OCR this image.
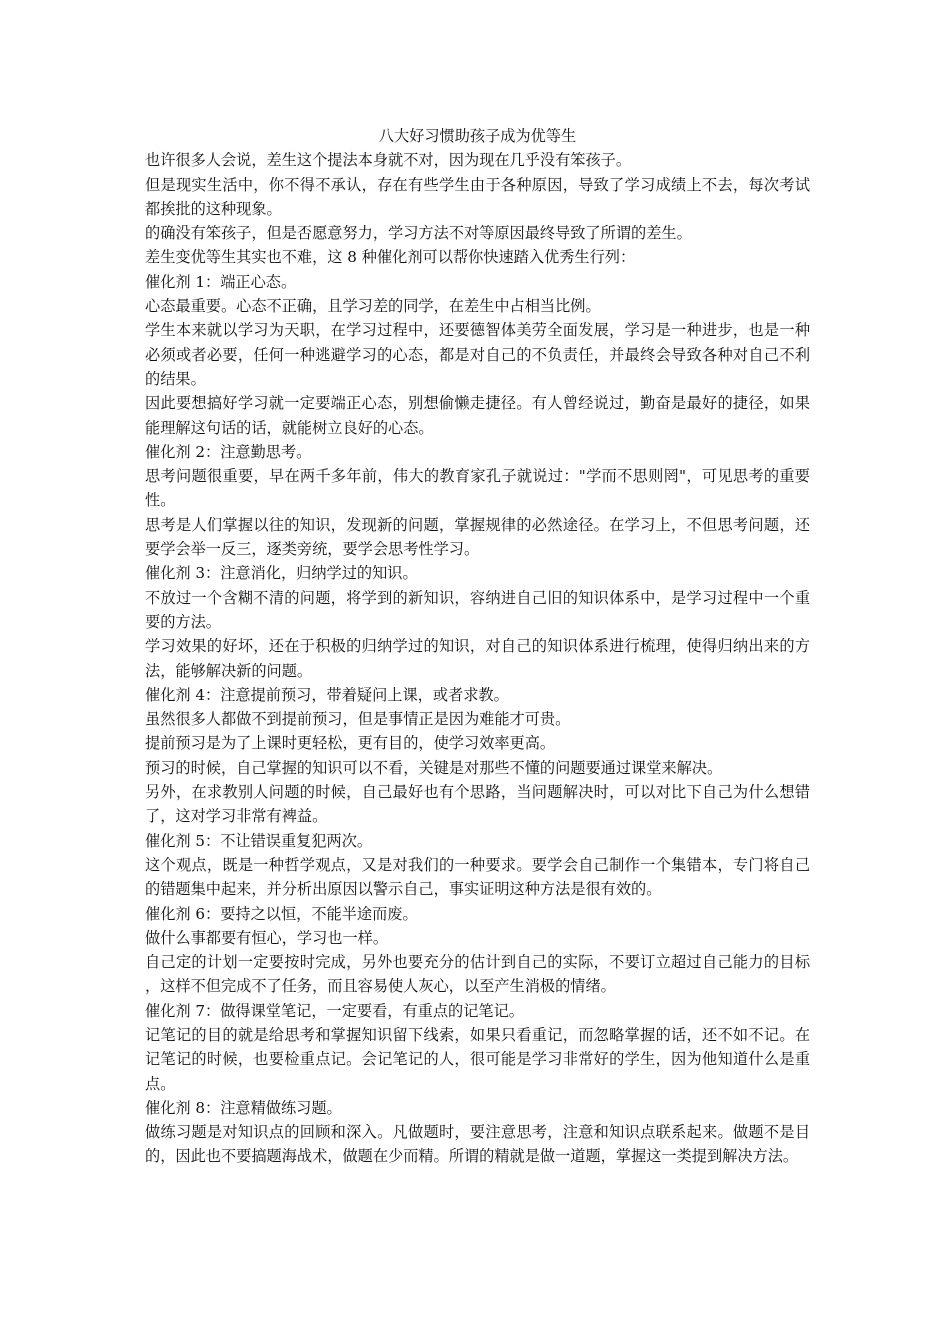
八大好习惯助孩子成为优等生

也许很多人会说，差生这个提法本身就不对，因为现在几乎没有笨孩子。

但是现实生活中，你不得不承认，存在有些学生由于各种原因，导致了学习成绩上不去，每次考试都挨批的这种现象。

的确没有笨孩子，但是否愿意努力，学习方法不对等原因最终导致了所谓的差生。

差生变优等生其实也不难，这 8 种催化剂可以帮你快速踏入优秀生行列：

催化剂 1：端正心态。

心态最重要。心态不正确，且学习差的同学，在差生中占相当比例。

学生本来就以学习为天职，在学习过程中，还要德智体美劳全面发展，学习是一种进步，也是一种必须或者必要，任何一种逃避学习的心态，都是对自己的不负责任，并最终会导致各种对自己不利的结果。

因此要想搞好学习就一定要端正心态，别想偷懒走捷径。有人曾经说过，勤奋是最好的捷径，如果能理解这句话的话，就能树立良好的心态。

催化剂 2：注意勤思考。

思考问题很重要，早在两千多年前，伟大的教育家孔子就说过："学而不思则罔"，可见思考的重要性。

思考是人们掌握以往的知识，发现新的问题，掌握规律的必然途径。在学习上，不但思考问题，还要学会举一反三，逐类旁统，要学会思考性学习。

催化剂 3：注意消化，归纳学过的知识。

不放过一个含糊不清的问题，将学到的新知识，容纳进自己旧的知识体系中，是学习过程中一个重要的方法。

学习效果的好坏，还在于积极的归纳学过的知识，对自己的知识体系进行梳理，使得归纳出来的方法，能够解决新的问题。

催化剂 4：注意提前预习，带着疑问上课，或者求教。

虽然很多人都做不到提前预习，但是事情正是因为难能才可贵。

提前预习是为了上课时更轻松，更有目的，使学习效率更高。

预习的时候，自己掌握的知识可以不看，关键是对那些不懂的问题要通过课堂来解决。

另外，在求教别人问题的时候，自己最好也有个思路，当问题解决时，可以对比下自己为什么想错了，这对学习非常有裨益。

催化剂 5：不让错误重复犯两次。

这个观点，既是一种哲学观点，又是对我们的一种要求。要学会自己制作一个集错本，专门将自己的错题集中起来，并分析出原因以警示自己，事实证明这种方法是很有效的。

催化剂 6：要持之以恒，不能半途而废。

做什么事都要有恒心，学习也一样。

自己定的计划一定要按时完成，另外也要充分的估计到自己的实际，不要订立超过自己能力的目标，这样不但完成不了任务，而且容易使人灰心，以至产生消极的情绪。

催化剂 7：做得课堂笔记，一定要看，有重点的记笔记。

记笔记的目的就是给思考和掌握知识留下线索，如果只看重记，而忽略掌握的话，还不如不记。在记笔记的时候，也要检重点记。会记笔记的人，很可能是学习非常好的学生，因为他知道什么是重点。

催化剂 8：注意精做练习题。

做练习题是对知识点的回顾和深入。凡做题时，要注意思考，注意和知识点联系起来。做题不是目的，因此也不要搞题海战术，做题在少而精。所谓的精就是做一道题，掌握这一类提到解决方法。
